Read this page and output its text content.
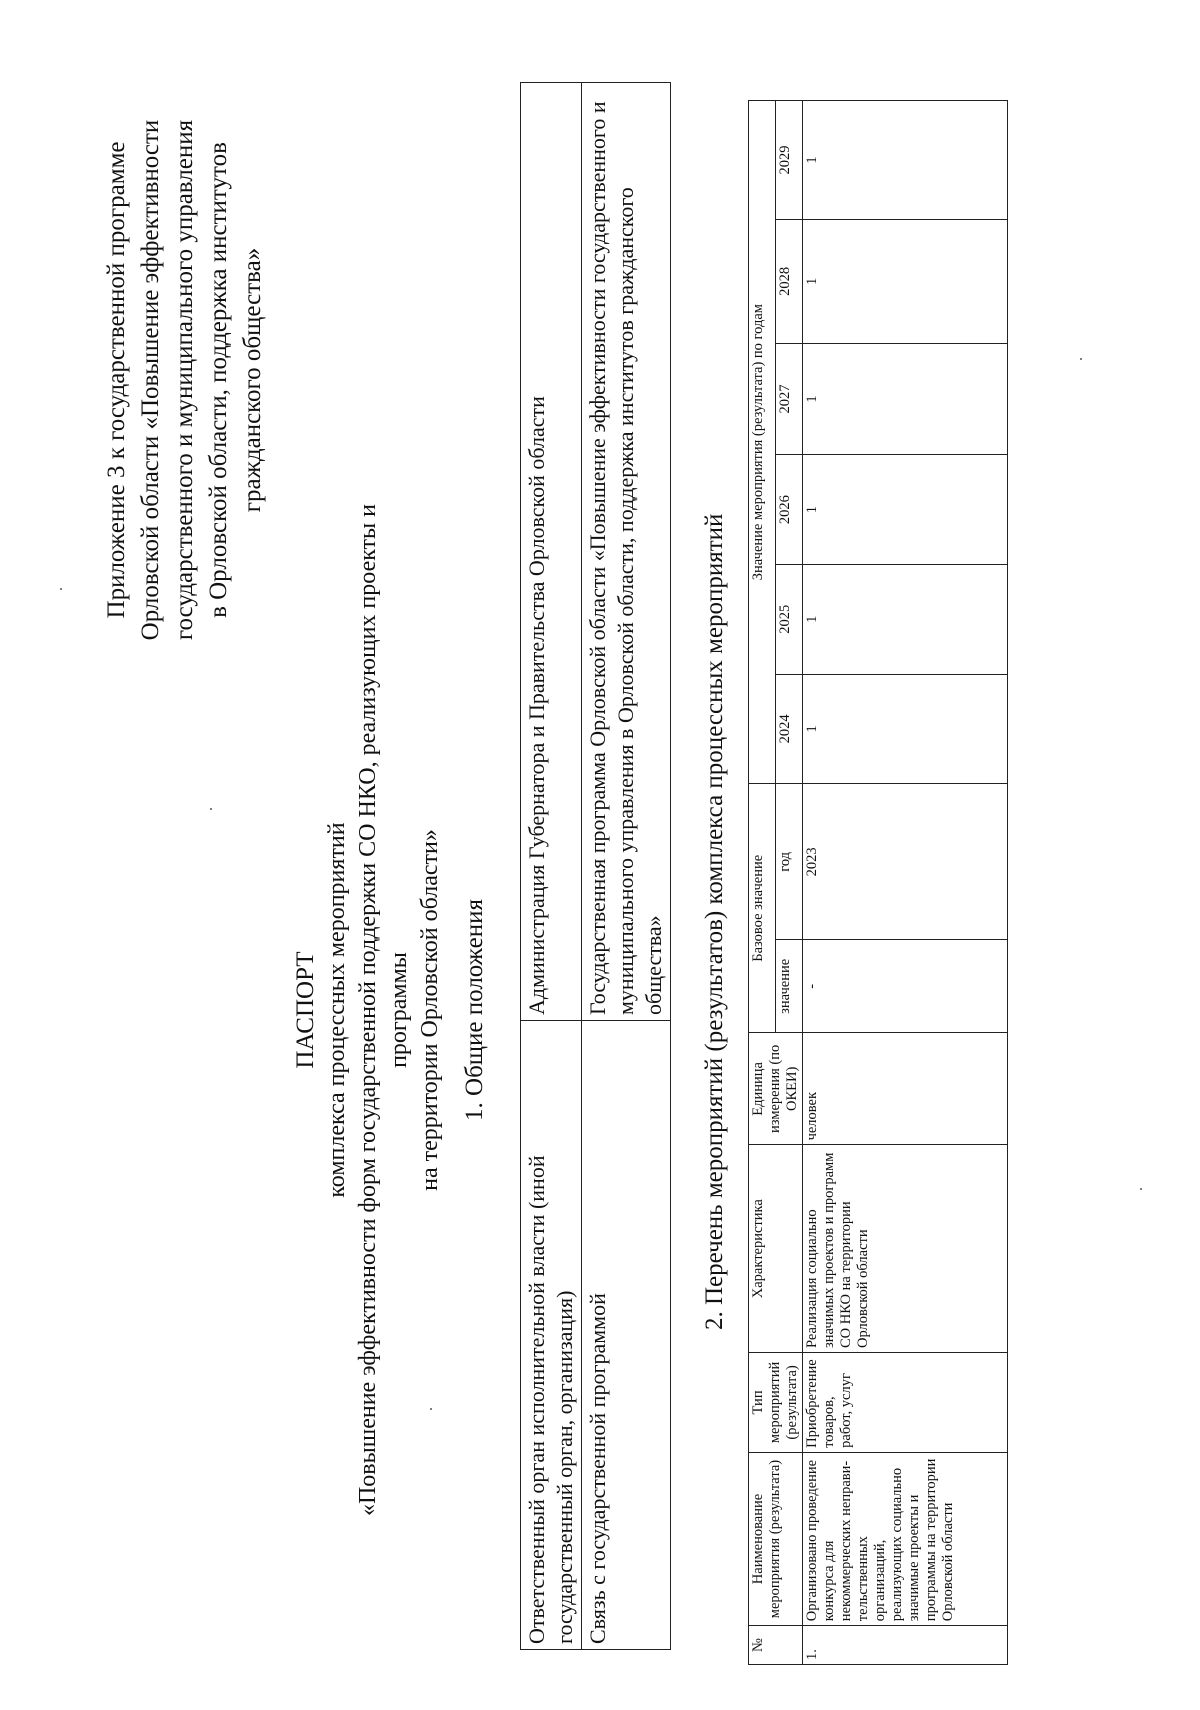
Приложение 3 к государственной программе Орловской области «Повышение эффективности государственного и муниципального управления в Орловской области, поддержка институтов гражданского общества»
ПАСПОРТ комплекса процессных мероприятий «Повышение эффективности форм государственной поддержки СО НКО, реализующих проекты и программы на территории Орловской области» 1. Общие положения
Ответственный орган исполнительной власти (иной государственный орган, организация)	Администрация Губернатора и Правительства Орловской области
Связь с государственной программой	Государственная программа Орловской области «Повышение эффективности государственного и муниципального управления в Орловской области, поддержка институтов гражданского общества» 2. Перечень мероприятий (результатов) комплекса процессных мероприятий
№	Наименование мероприятия (результата)	Тип мероприятий (результата)	Характеристика	Единица измерения (по ОКЕИ)	Базовое значение		Значение мероприятия (результата) по годам					
					значение	год	2024	2025	2026	2027	2028	2029
1.	Организовано проведение конкурса для некоммерческих неправи-тельственных организаций, реализующих социально значимые проекты и программы на территории Орловской области	Приобретение товаров, работ, услуг	Реализация социально значимых проектов и программ СО НКО на территории Орловской области	человек	-	2023	1	1	1	1	1	1
